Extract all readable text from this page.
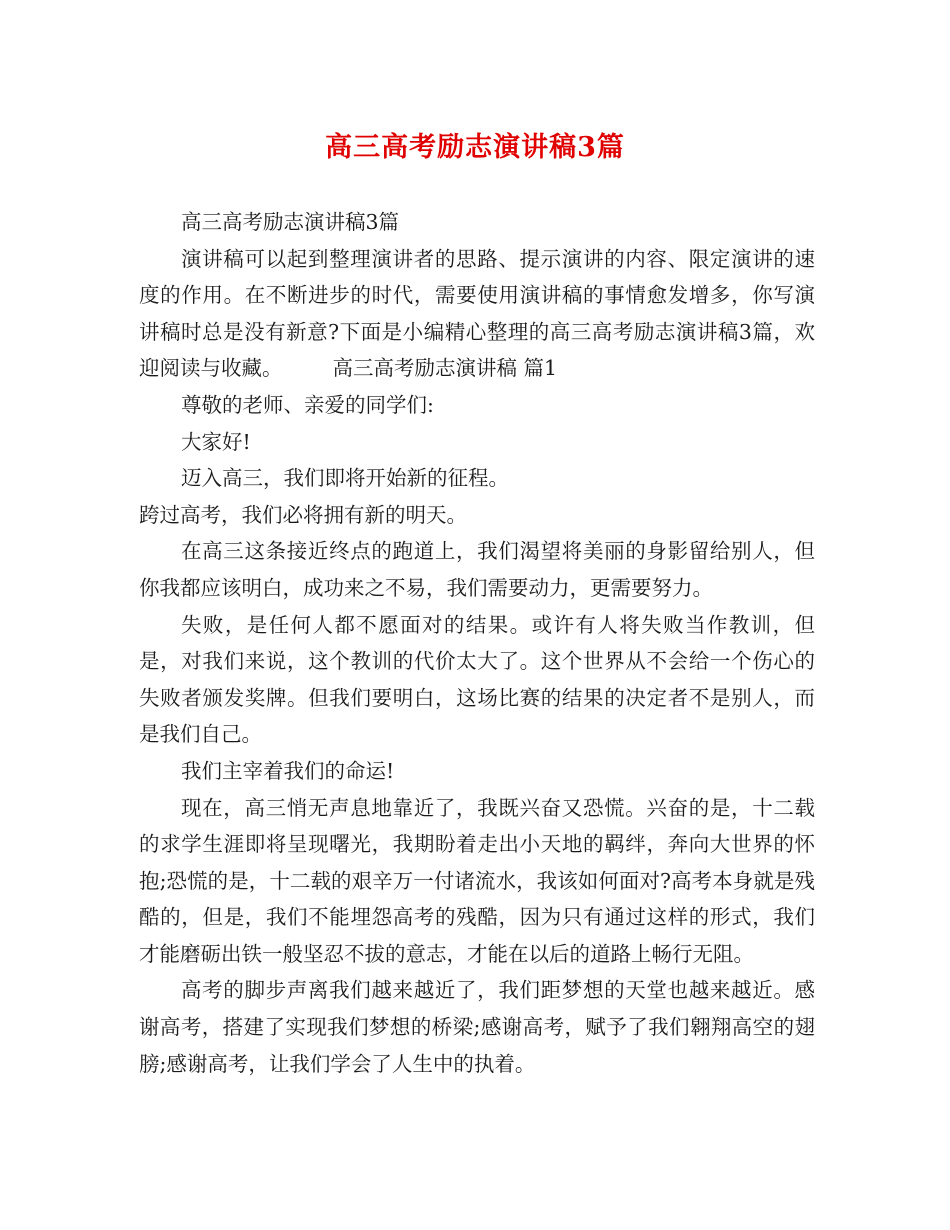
高三高考励志演讲稿3篇

高三高考励志演讲稿3篇

演讲稿可以起到整理演讲者的思路、提示演讲的内容、限定演讲的速度的作用。在不断进步的时代，需要使用演讲稿的事情愈发增多，你写演讲稿时总是没有新意?下面是小编精心整理的高三高考励志演讲稿3篇，欢迎阅读与收藏。 高三高考励志演讲稿 篇1

尊敬的老师、亲爱的同学们:

大家好!

迈入高三，我们即将开始新的征程。

跨过高考，我们必将拥有新的明天。

在高三这条接近终点的跑道上，我们渴望将美丽的身影留给别人，但你我都应该明白，成功来之不易，我们需要动力，更需要努力。

失败，是任何人都不愿面对的结果。或许有人将失败当作教训，但是，对我们来说，这个教训的代价太大了。这个世界从不会给一个伤心的失败者颁发奖牌。但我们要明白，这场比赛的结果的决定者不是别人，而是我们自己。

我们主宰着我们的命运!

现在，高三悄无声息地靠近了，我既兴奋又恐慌。兴奋的是，十二载的求学生涯即将呈现曙光，我期盼着走出小天地的羁绊，奔向大世界的怀抱;恐慌的是，十二载的艰辛万一付诸流水，我该如何面对?高考本身就是残酷的，但是，我们不能埋怨高考的残酷，因为只有通过这样的形式，我们才能磨砺出铁一般坚忍不拔的意志，才能在以后的道路上畅行无阻。

高考的脚步声离我们越来越近了，我们距梦想的天堂也越来越近。感谢高考，搭建了实现我们梦想的桥梁;感谢高考，赋予了我们翱翔高空的翅膀;感谢高考，让我们学会了人生中的执着。
